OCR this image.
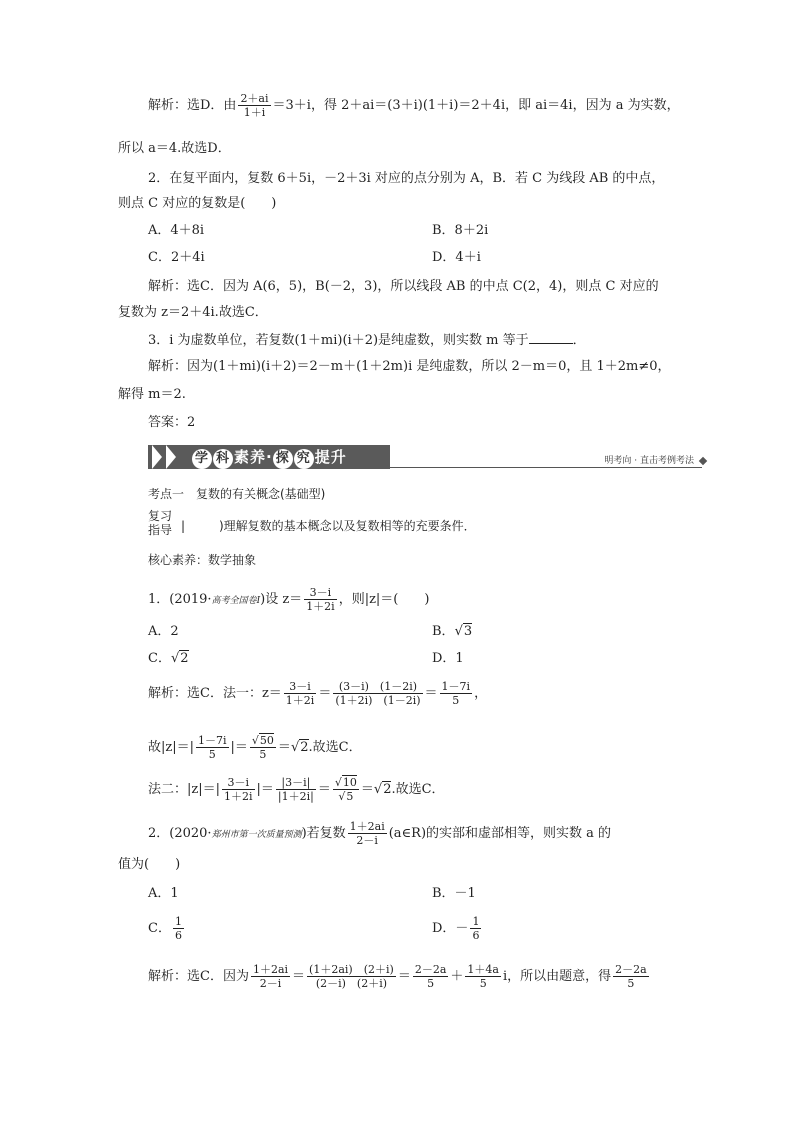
解析：选D．由 $\frac{2+ai}{1+i} =3+i$，得 2＋ai＝(3＋i)(1＋i)＝2＋4i，即 ai＝4i，因为 a 为实数，
所以 a＝4.故选D．
2．在复平面内，复数 6＋5i，－2＋3i 对应的点分别为 A，B．若 C 为线段 AB 的中点，
则点 C 对应的复数是(　　)
A．4＋8i	B．8＋2i
C．2＋4i	D．4＋i
解析：选C．因为 A(6，5)，B(－2，3)，所以线段 AB 的中点 C(2，4)，则点 C 对应的
复数为 z＝2＋4i.故选C．
3．i 为虚数单位，若复数(1＋mi)(i＋2)是纯虚数，则实数 m 等于	．
解析：因为(1＋mi)(i＋2)＝2－m＋(1＋2m)i 是纯虚数，所以 2－m＝0，且 1＋2m≠0，
解得 m＝2.
答案：2
学 科 素养· 探 究 提升	明考向 · 直击考例考法
考点一　复数的有关概念(基础型)
复习
指导 |	)理解复数的基本概念以及复数相等的充要条件．
核心素养：数学抽象
1．(2019·高考全国卷Ⅰ)设 $z= \frac{3-i}{1+2i}$ ，则|z|＝(　　)
A．2	B．√3
C．√2	D．1
解析：选C．法一：$z= \frac{3-i}{1+2i} = \frac{(3-i) (1-2i)}{(1+2i) (1-2i)} = \frac{1-7i}{5}$ ，
故$|z|=| \frac{1-7i}{5}$ |＝ $\frac{√50}{5} =√2$.故选C．
法二：$|z|=| \frac{3-i}{1+2i}$ |＝ $\frac{|3-i|}{|1+2i|} = \frac{√10}{√5} =√2$.故选C．
2．(2020·郑州市第一次质量预测)若复数 $\frac{1+2ai}{2-i}$ (a∈R)的实部和虚部相等，则实数 a 的
值为(　　)
A．1	B．－1
C． $\frac{1}{6}$	D．－ $\frac{1}{6}$
解析：选C．因为 $\frac{1+2ai}{2-i} = \frac{(1+2ai) (2+i)}{(2-i) (2+i)} = \frac{2-2a}{5} + \frac{1+4a}{5}$ i，所以由题意，得 $\frac{2-2a}{5}$
